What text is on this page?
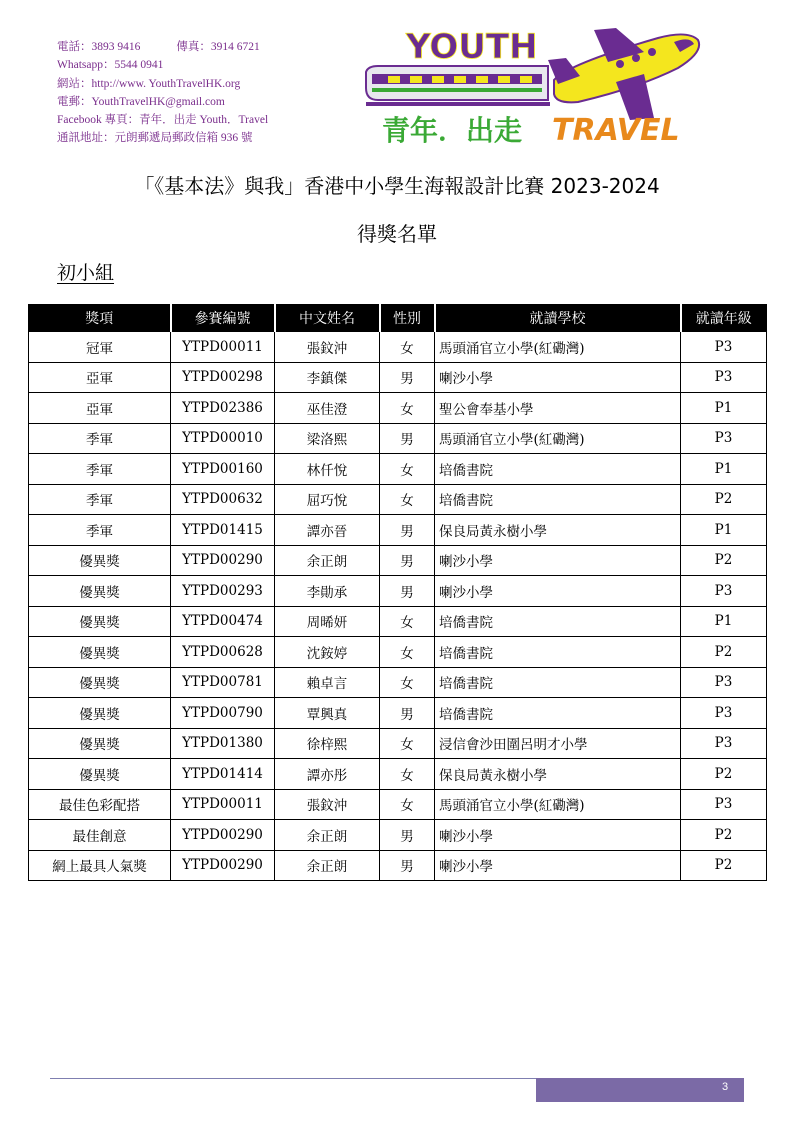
電話：3893 9416	傳真：3914 6721
Whatsapp：5544 0941
網站：http://www. YouthTravelHK.org
電郵：YouthTravelHK@gmail.com
Facebook 專頁：青年．出走 Youth．Travel
通訊地址：元朗郵遞局郵政信箱 936 號
YOUTH
青年．出走 TRAVEL
「《基本法》與我」香港中小學生海報設計比賽 2023-2024
得獎名單
初小組
獎項	參賽編號	中文姓名	性別	就讀學校	就讀年級
冠軍	YTPD00011	張鈫沖	女	馬頭涌官立小學(紅磡灣)	P3
亞軍	YTPD00298	李鎮傑	男	喇沙小學	P3
亞軍	YTPD02386	巫佳澄	女	聖公會奉基小學	P1
季軍	YTPD00010	梁洛熙	男	馬頭涌官立小學(紅磡灣)	P3
季軍	YTPD00160	林仟悅	女	培僑書院	P1
季軍	YTPD00632	屈巧悅	女	培僑書院	P2
季軍	YTPD01415	譚亦晉	男	保良局黃永樹小學	P1
優異獎	YTPD00290	余正朗	男	喇沙小學	P2
優異獎	YTPD00293	李勛承	男	喇沙小學	P3
優異獎	YTPD00474	周晞妍	女	培僑書院	P1
優異獎	YTPD00628	沈銨婷	女	培僑書院	P2
優異獎	YTPD00781	賴卓言	女	培僑書院	P3
優異獎	YTPD00790	覃興真	男	培僑書院	P3
優異獎	YTPD01380	徐梓熙	女	浸信會沙田圍呂明才小學	P3
優異獎	YTPD01414	譚亦彤	女	保良局黃永樹小學	P2
最佳色彩配搭	YTPD00011	張鈫沖	女	馬頭涌官立小學(紅磡灣)	P3
最佳創意	YTPD00290	余正朗	男	喇沙小學	P2
網上最具人氣獎	YTPD00290	余正朗	男	喇沙小學	P2
3
